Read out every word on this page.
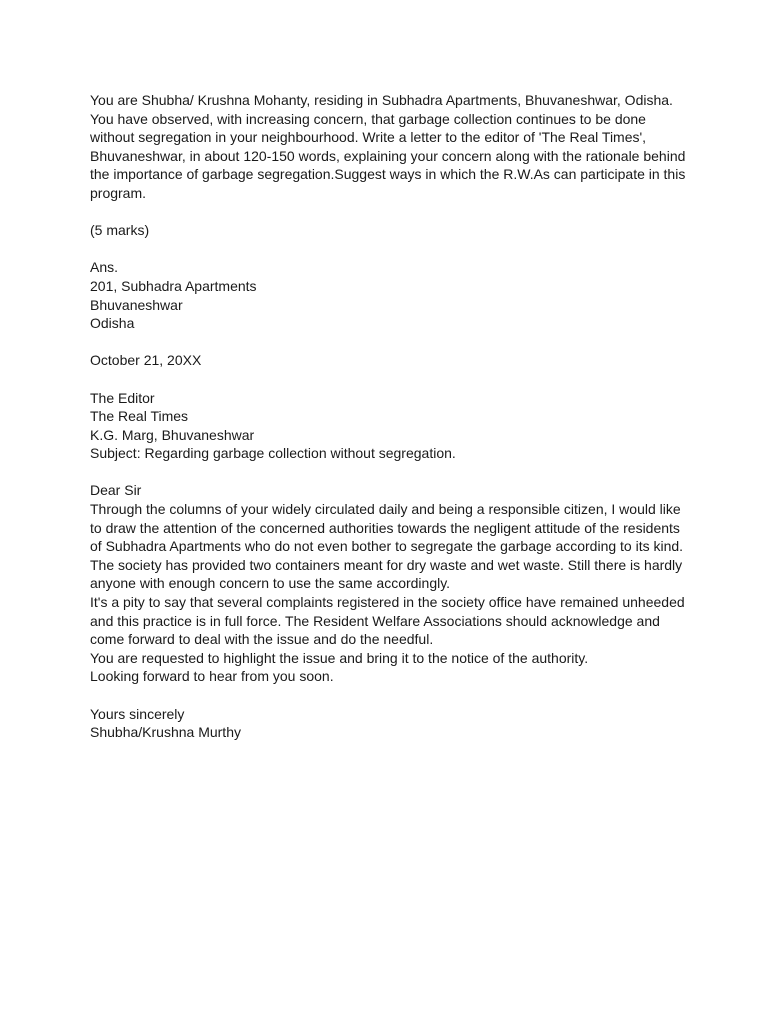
You are Shubha/ Krushna Mohanty, residing in Subhadra Apartments, Bhuvaneshwar, Odisha.
You have observed, with increasing concern, that garbage collection continues to be done
without segregation in your neighbourhood. Write a letter to the editor of 'The Real Times',
Bhuvaneshwar, in about 120-150 words, explaining your concern along with the rationale behind
the importance of garbage segregation.Suggest ways in which the R.W.As can participate in this
program.
(5 marks)
Ans.
201, Subhadra Apartments
Bhuvaneshwar
Odisha
October 21, 20XX
The Editor
The Real Times
K.G. Marg, Bhuvaneshwar
Subject: Regarding garbage collection without segregation.
Dear Sir
Through the columns of your widely circulated daily and being a responsible citizen, I would like
to draw the attention of the concerned authorities towards the negligent attitude of the residents
of Subhadra Apartments who do not even bother to segregate the garbage according to its kind.
The society has provided two containers meant for dry waste and wet waste. Still there is hardly
anyone with enough concern to use the same accordingly.
It's a pity to say that several complaints registered in the society office have remained unheeded
and this practice is in full force. The Resident Welfare Associations should acknowledge and
come forward to deal with the issue and do the needful.
You are requested to highlight the issue and bring it to the notice of the authority.
Looking forward to hear from you soon.
Yours sincerely
Shubha/Krushna Murthy
